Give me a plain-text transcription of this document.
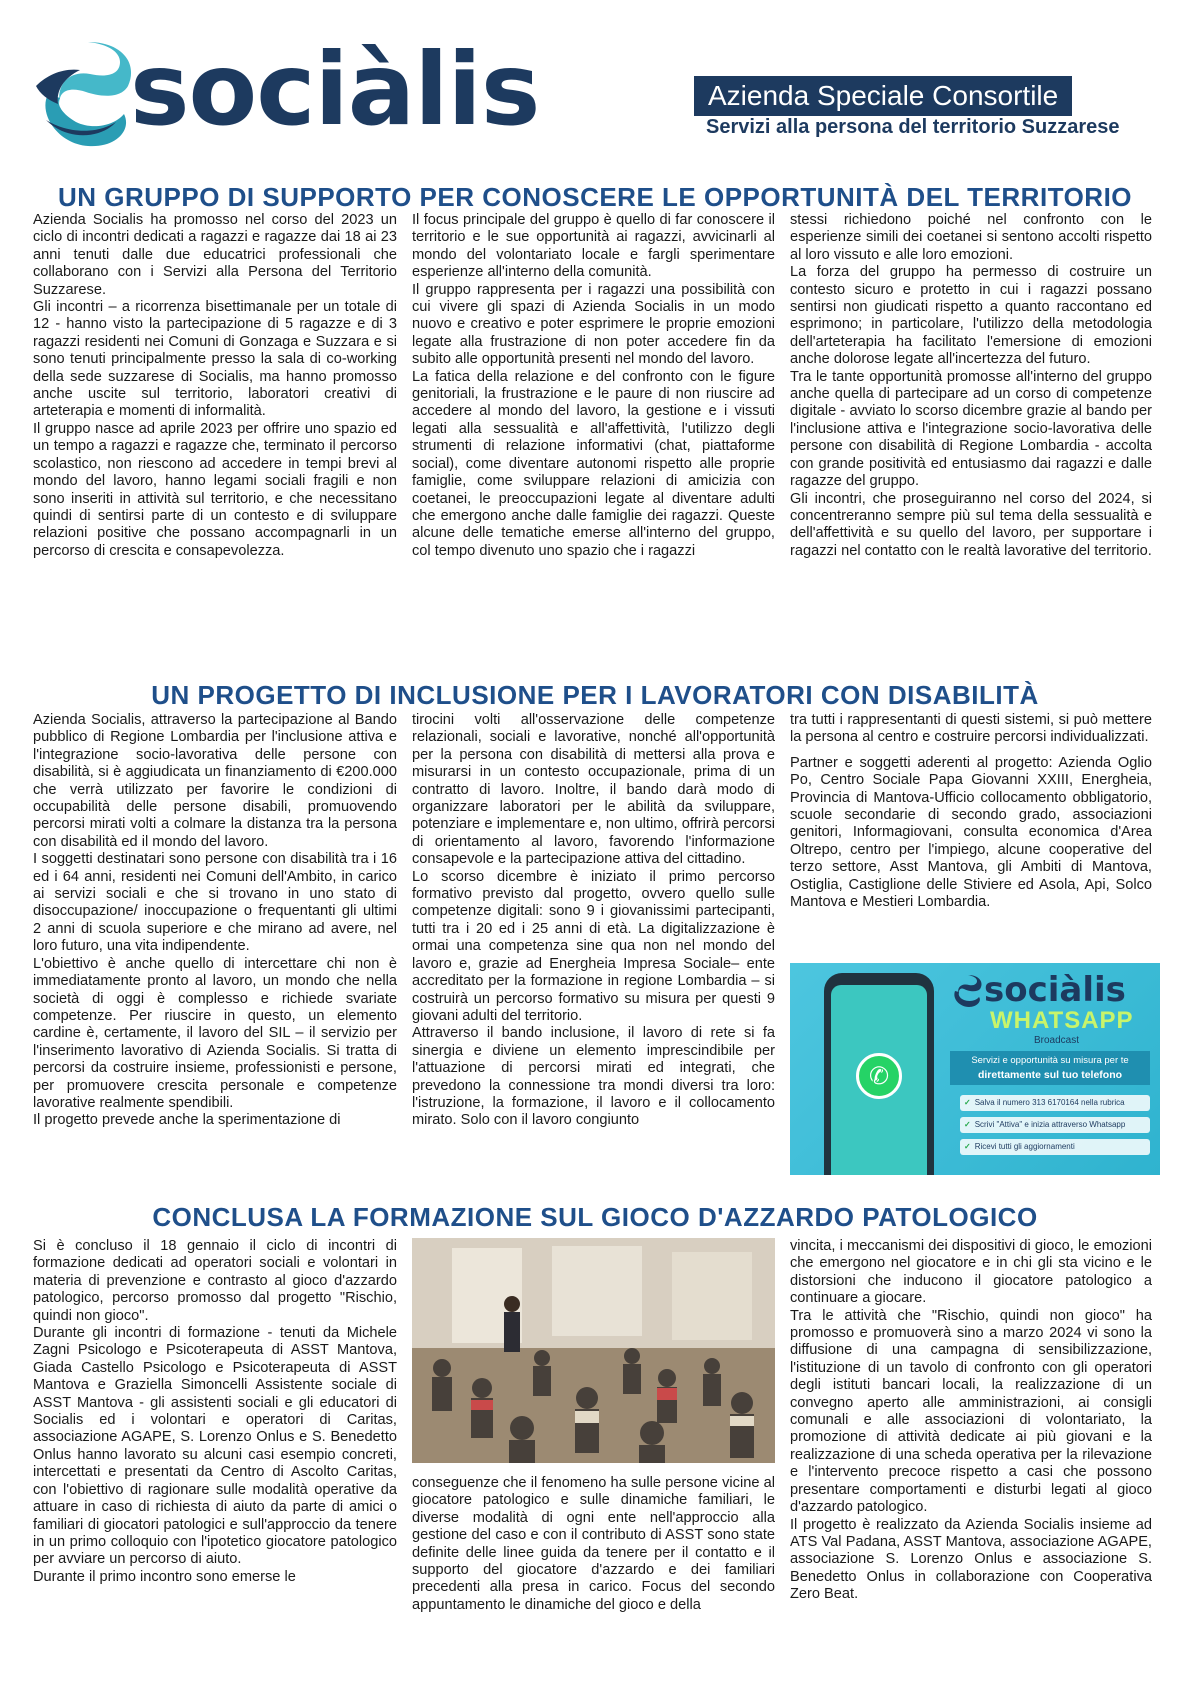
sociàlis	Azienda Speciale Consortile
Servizi alla persona del territorio Suzzarese
UN GRUPPO DI SUPPORTO PER CONOSCERE LE OPPORTUNITÀ DEL TERRITORIO

Azienda Socialis ha promosso nel corso del 2023 un ciclo di incontri dedicati a ragazzi e ragazze dai 18 ai 23 anni tenuti dalle due educatrici professionali che collaborano con i Servizi alla Persona del Territorio Suzzarese.

Gli incontri – a ricorrenza bisettimanale per un totale di 12 - hanno visto la partecipazione di 5 ragazze e di 3 ragazzi residenti nei Comuni di Gonzaga e Suzzara e si sono tenuti principalmente presso la sala di co-working della sede suzzarese di Socialis, ma hanno promosso anche uscite sul territorio, laboratori creativi di arteterapia e momenti di informalità.

Il gruppo nasce ad aprile 2023 per offrire uno spazio ed un tempo a ragazzi e ragazze che, terminato il percorso scolastico, non riescono ad accedere in tempi brevi al mondo del lavoro, hanno legami sociali fragili e non sono inseriti in attività sul territorio, e che necessitano quindi di sentirsi parte di un contesto e di sviluppare relazioni positive che possano accompagnarli in un percorso di crescita e consapevolezza.

Il focus principale del gruppo è quello di far conoscere il territorio e le sue opportunità ai ragazzi, avvicinarli al mondo del volontariato locale e fargli sperimentare esperienze all'interno della comunità.

Il gruppo rappresenta per i ragazzi una possibilità con cui vivere gli spazi di Azienda Socialis in un modo nuovo e creativo e poter esprimere le proprie emozioni legate alla frustrazione di non poter accedere fin da subito alle opportunità presenti nel mondo del lavoro.

La fatica della relazione e del confronto con le figure genitoriali, la frustrazione e le paure di non riuscire ad accedere al mondo del lavoro, la gestione e i vissuti legati alla sessualità e all'affettività, l'utilizzo degli strumenti di relazione informativi (chat, piattaforme social), come diventare autonomi rispetto alle proprie famiglie, come sviluppare relazioni di amicizia con coetanei, le preoccupazioni legate al diventare adulti che emergono anche dalle famiglie dei ragazzi. Queste alcune delle tematiche emerse all'interno del gruppo, col tempo divenuto uno spazio che i ragazzi

stessi richiedono poiché nel confronto con le esperienze simili dei coetanei si sentono accolti rispetto al loro vissuto e alle loro emozioni.

La forza del gruppo ha permesso di costruire un contesto sicuro e protetto in cui i ragazzi possano sentirsi non giudicati rispetto a quanto raccontano ed esprimono; in particolare, l'utilizzo della metodologia dell'arteterapia ha facilitato l'emersione di emozioni anche dolorose legate all'incertezza del futuro.

Tra le tante opportunità promosse all'interno del gruppo anche quella di partecipare ad un corso di competenze digitale - avviato lo scorso dicembre grazie al bando per l'inclusione attiva e l'integrazione socio-lavorativa delle persone con disabilità di Regione Lombardia - accolta con grande positività ed entusiasmo dai ragazzi e dalle ragazze del gruppo.

Gli incontri, che proseguiranno nel corso del 2024, si concentreranno sempre più sul tema della sessualità e dell'affettività e su quello del lavoro, per supportare i ragazzi nel contatto con le realtà lavorative del territorio.

UN PROGETTO DI INCLUSIONE PER I LAVORATORI CON DISABILITÀ

Azienda Socialis, attraverso la partecipazione al Bando pubblico di Regione Lombardia per l'inclusione attiva e l'integrazione socio-lavorativa delle persone con disabilità, si è aggiudicata un finanziamento di €200.000 che verrà utilizzato per favorire le condizioni di occupabilità delle persone disabili, promuovendo percorsi mirati volti a colmare la distanza tra la persona con disabilità ed il mondo del lavoro.

I soggetti destinatari sono persone con disabilità tra i 16 ed i 64 anni, residenti nei Comuni dell'Ambito, in carico ai servizi sociali e che si trovano in uno stato di disoccupazione/ inoccupazione o frequentanti gli ultimi 2 anni di scuola superiore e che mirano ad avere, nel loro futuro, una vita indipendente.

L'obiettivo è anche quello di intercettare chi non è immediatamente pronto al lavoro, un mondo che nella società di oggi è complesso e richiede svariate competenze. Per riuscire in questo, un elemento cardine è, certamente, il lavoro del SIL – il servizio per l'inserimento lavorativo di Azienda Socialis. Si tratta di percorsi da costruire insieme, professionisti e persone, per promuovere crescita personale e competenze lavorative realmente spendibili.

Il progetto prevede anche la sperimentazione di

tirocini volti all'osservazione delle competenze relazionali, sociali e lavorative, nonché all'opportunità per la persona con disabilità di mettersi alla prova e misurarsi in un contesto occupazionale, prima di un contratto di lavoro. Inoltre, il bando darà modo di organizzare laboratori per le abilità da sviluppare, potenziare e implementare e, non ultimo, offrirà percorsi di orientamento al lavoro, favorendo l'informazione consapevole e la partecipazione attiva del cittadino.

Lo scorso dicembre è iniziato il primo percorso formativo previsto dal progetto, ovvero quello sulle competenze digitali: sono 9 i giovanissimi partecipanti, tutti tra i 20 ed i 25 anni di età. La digitalizzazione è ormai una competenza sine qua non nel mondo del lavoro e, grazie ad Energheia Impresa Sociale– ente accreditato per la formazione in regione Lombardia – si costruirà un percorso formativo su misura per questi 9 giovani adulti del territorio.

Attraverso il bando inclusione, il lavoro di rete si fa sinergia e diviene un elemento imprescindibile per l'attuazione di percorsi mirati ed integrati, che prevedono la connessione tra mondi diversi tra loro: l'istruzione, la formazione, il lavoro e il collocamento mirato. Solo con il lavoro congiunto

tra tutti i rappresentanti di questi sistemi, si può mettere la persona al centro e costruire percorsi individualizzati.

Partner e soggetti aderenti al progetto: Azienda Oglio Po, Centro Sociale Papa Giovanni XXIII, Energheia, Provincia di Mantova-Ufficio collocamento obbligatorio, scuole secondarie di secondo grado, associazioni genitori, Informagiovani, consulta economica d'Area Oltrepo, centro per l'impiego, alcune cooperative del terzo settore, Asst Mantova, gli Ambiti di Mantova, Ostiglia, Castiglione delle Stiviere ed Asola, Api, Solco Mantova e Mestieri Lombardia.

✆
sociàlis
WHATSAPP
Broadcast
Servizi e opportunità su misura per te
direttamente sul tuo telefono
✓ Salva il numero 313 6170164 nella rubrica
✓ Scrivi "Attiva" e inizia attraverso Whatsapp
✓ Ricevi tutti gli aggiornamenti
CONCLUSA LA FORMAZIONE SUL GIOCO D'AZZARDO PATOLOGICO

Si è concluso il 18 gennaio il ciclo di incontri di formazione dedicati ad operatori sociali e volontari in materia di prevenzione e contrasto al gioco d'azzardo patologico, percorso promosso dal progetto "Rischio, quindi non gioco".

Durante gli incontri di formazione - tenuti da Michele Zagni Psicologo e Psicoterapeuta di ASST Mantova, Giada Castello Psicologo e Psicoterapeuta di ASST Mantova e Graziella Simoncelli Assistente sociale di ASST Mantova - gli assistenti sociali e gli educatori di Socialis ed i volontari e operatori di Caritas, associazione AGAPE, S. Lorenzo Onlus e S. Benedetto Onlus hanno lavorato su alcuni casi esempio concreti, intercettati e presentati da Centro di Ascolto Caritas, con l'obiettivo di ragionare sulle modalità operative da attuare in caso di richiesta di aiuto da parte di amici o familiari di giocatori patologici e sull'approccio da tenere in un primo colloquio con l'ipotetico giocatore patologico per avviare un percorso di aiuto.

Durante il primo incontro sono emerse le

conseguenze che il fenomeno ha sulle persone vicine al giocatore patologico e sulle dinamiche familiari, le diverse modalità di ogni ente nell'approccio alla gestione del caso e con il contributo di ASST sono state definite delle linee guida da tenere per il contatto e il supporto del giocatore d'azzardo e dei familiari precedenti alla presa in carico. Focus del secondo appuntamento le dinamiche del gioco e della

vincita, i meccanismi dei dispositivi di gioco, le emozioni che emergono nel giocatore e in chi gli sta vicino e le distorsioni che inducono il giocatore patologico a continuare a giocare.

Tra le attività che "Rischio, quindi non gioco" ha promosso e promuoverà sino a marzo 2024 vi sono la diffusione di una campagna di sensibilizzazione, l'istituzione di un tavolo di confronto con gli operatori degli istituti bancari locali, la realizzazione di un convegno aperto alle amministrazioni, ai consigli comunali e alle associazioni di volontariato, la promozione di attività dedicate ai più giovani e la realizzazione di una scheda operativa per la rilevazione e l'intervento precoce rispetto a casi che possono presentare comportamenti e disturbi legati al gioco d'azzardo patologico.

Il progetto è realizzato da Azienda Socialis insieme ad ATS Val Padana, ASST Mantova, associazione AGAPE, associazione S. Lorenzo Onlus e associazione S. Benedetto Onlus in collaborazione con Cooperativa Zero Beat.
